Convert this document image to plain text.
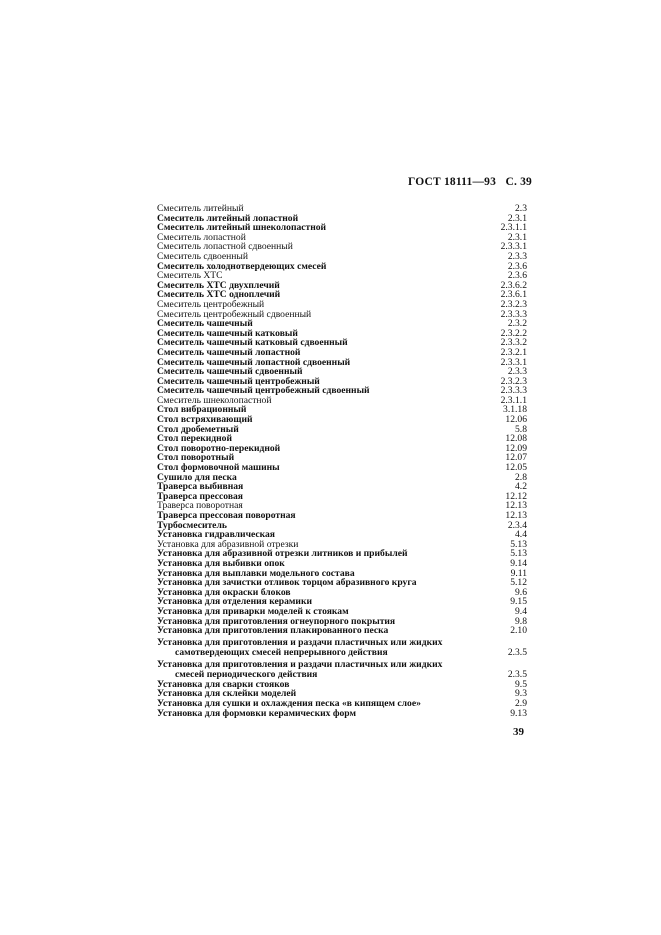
ГОСТ 18111—93 С. 39
Смеситель литейный	2.3
Смеситель литейный лопастной	2.3.1
Смеситель литейный шнеколопастной	2.3.1.1
Смеситель лопастной	2.3.1
Смеситель лопастной сдвоенный	2.3.3.1
Смеситель сдвоенный	2.3.3
Смеситель холоднотвердеющих смесей	2.3.6
Смеситель ХТС	2.3.6
Смеситель ХТС двухплечий	2.3.6.2
Смеситель ХТС одноплечий	2.3.6.1
Смеситель центробежный	2.3.2.3
Смеситель центробежный сдвоенный	2.3.3.3
Смеситель чашечный	2.3.2
Смеситель чашечный катковый	2.3.2.2
Смеситель чашечный катковый сдвоенный	2.3.3.2
Смеситель чашечный лопастной	2.3.2.1
Смеситель чашечный лопастной сдвоенный	2.3.3.1
Смеситель чашечный сдвоенный	2.3.3
Смеситель чашечный центробежный	2.3.2.3
Смеситель чашечный центробежный сдвоенный	2.3.3.3
Смеситель шнеколопастной	2.3.1.1
Стол вибрационный	3.1.18
Стол встряхивающий	12.06
Стол дробеметный	5.8
Стол перекидной	12.08
Стол поворотно-перекидной	12.09
Стол поворотный	12.07
Стол формовочной машины	12.05
Сушило для песка	2.8
Траверса выбивная	4.2
Траверса прессовая	12.12
Траверса поворотная	12.13
Траверса прессовая поворотная	12.13
Турбосмеситель	2.3.4
Установка гидравлическая	4.4
Установка для абразивной отрезки	5.13
Установка для абразивной отрезки литников и прибылей	5.13
Установка для выбивки опок	9.14
Установка для выплавки модельного состава	9.11
Установка для зачистки отливок торцом абразивного круга	5.12
Установка для окраски блоков	9.6
Установка для отделения керамики	9.15
Установка для приварки моделей к стоякам	9.4
Установка для приготовления огнеупорного покрытия	9.8
Установка для приготовления плакированного песка	2.10
Установка для приготовления и раздачи пластичных или жидких
самотвердеющих смесей непрерывного действия	2.3.5
Установка для приготовления и раздачи пластичных или жидких
смесей периодического действия	2.3.5
Установка для сварки стояков	9.5
Установка для склейки моделей	9.3
Установка для сушки и охлаждения песка «в кипящем слое»	2.9
Установка для формовки керамических форм	9.13
39
